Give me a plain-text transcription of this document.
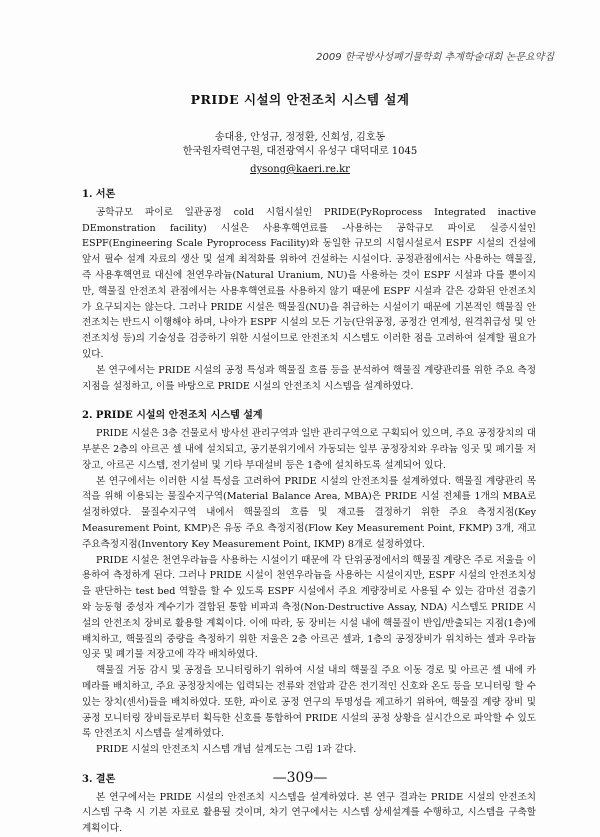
2009 한국방사성폐기물학회 추계학술대회 논문요약집
PRIDE 시설의 안전조치 시스템 설계
송대용, 안성규, 정정환, 신희성, 김호동
한국원자력연구원, 대전광역시 유성구 대덕대로 1045
dysong@kaeri.re.kr

1. 서론

공학규모 파이로 일관공정 cold 시험시설인 PRIDE(PyRoprocess Integrated inactive DEmonstration facility) 시설은 사용후핵연료를 -사용하는 공학규모 파이로 실증시설인 ESPF(Engineering Scale Pyroprocess Facility)와 동일한 규모의 시험시설로서 ESPF 시설의 건설에 앞서 필수 설계 자료의 생산 및 설계 최적화를 위하여 건설하는 시설이다. 공정관점에서는 사용하는 핵물질, 즉 사용후핵연료 대신에 천연우라늄(Natural Uranium, NU)을 사용하는 것이 ESPF 시설과 다를 뿐이지만, 핵물질 안전조치 관점에서는 사용후핵연료를 사용하지 않기 때문에 ESPF 시설과 같은 강화된 안전조치가 요구되지는 않는다. 그러나 PRIDE 시설은 핵물질(NU)을 취급하는 시설이기 때문에 기본적인 핵물질 안전조치는 반드시 이행해야 하며, 나아가 ESPF 시설의 모든 기능(단위공정, 공정간 연계성, 원격취급성 및 안전조치성 등)의 기술성을 검증하기 위한 시설이므로 안전조치 시스템도 이러한 점을 고려하여 설계할 필요가 있다.

본 연구에서는 PRIDE 시설의 공정 특성과 핵물질 흐름 등을 분석하여 핵물질 계량관리를 위한 주요 측정지점을 설정하고, 이를 바탕으로 PRIDE 시설의 안전조치 시스템을 설계하였다.

2. PRIDE 시설의 안전조치 시스템 설계

PRIDE 시설은 3층 건물로서 방사선 관리구역과 일반 관리구역으로 구획되어 있으며, 주요 공정장치의 대부분은 2층의 아르곤 셀 내에 설치되고, 공기분위기에서 가동되는 일부 공정장치와 우라늄 잉곳 및 폐기물 저장고, 아르곤 시스템, 전기설비 및 기타 부대설비 등은 1층에 설치하도록 설계되어 있다.

본 연구에서는 이러한 시설 특성을 고려하여 PRIDE 시설의 안전조치를 설계하였다. 핵물질 계량관리 목적을 위해 이용되는 물질수지구역(Material Balance Area, MBA)은 PRIDE 시설 전체를 1개의 MBA로 설정하였다. 물질수지구역 내에서 핵물질의 흐름 및 재고를 결정하기 위한 주요 측정지점(Key Measurement Point, KMP)은 유동 주요 측정지점(Flow Key Measurement Point, FKMP) 3개, 재고 주요측정지점(Inventory Key Measurement Point, IKMP) 8개로 설정하였다.

PRIDE 시설은 천연우라늄을 사용하는 시설이기 때문에 각 단위공정에서의 핵물질 계량은 주로 저울을 이용하여 측정하게 된다. 그러나 PRIDE 시설이 천연우라늄을 사용하는 시설이지만, ESPF 시설의 안전조치성을 판단하는 test bed 역할을 할 수 있도록 ESPF 시설에서 주요 계량장비로 사용될 수 있는 감마선 검출기와 능동형 중성자 계수기가 결합된 통합 비파괴 측정(Non-Destructive Assay, NDA) 시스템도 PRIDE 시설의 안전조치 장비로 활용할 계획이다. 이에 따라, 동 장비는 시설 내에 핵물질이 반입/반출되는 지점(1층)에 배치하고, 핵물질의 중량을 측정하기 위한 저울은 2층 아르곤 셀과, 1층의 공정장비가 위치하는 셀과 우라늄 잉곳 및 폐기물 저장고에 각각 배치하였다.

핵물질 거동 감시 및 공정을 모니터링하기 위하여 시설 내의 핵물질 주요 이동 경로 및 아르곤 셀 내에 카메라를 배치하고, 주요 공정장치에는 입력되는 전류와 전압과 같은 전기적인 신호와 온도 등을 모니터링 할 수 있는 장치(센서)들을 배치하였다. 또한, 파이로 공정 연구의 투명성을 제고하기 위하여, 핵물질 계량 장비 및 공정 모니터링 장비들로부터 획득한 신호를 통합하여 PRIDE 시설의 공정 상황을 실시간으로 파악할 수 있도록 안전조치 시스템을 설계하였다.

PRIDE 시설의 안전조치 시스템 개념 설계도는 그림 1과 같다.

3. 결론

본 연구에서는 PRIDE 시설의 안전조치 시스템을 설계하였다. 본 연구 결과는 PRIDE 시설의 안전조치 시스템 구축 시 기본 자료로 활용될 것이며, 차기 연구에서는 시스템 상세설계를 수행하고, 시스템을 구축할 계획이다.

—309—
